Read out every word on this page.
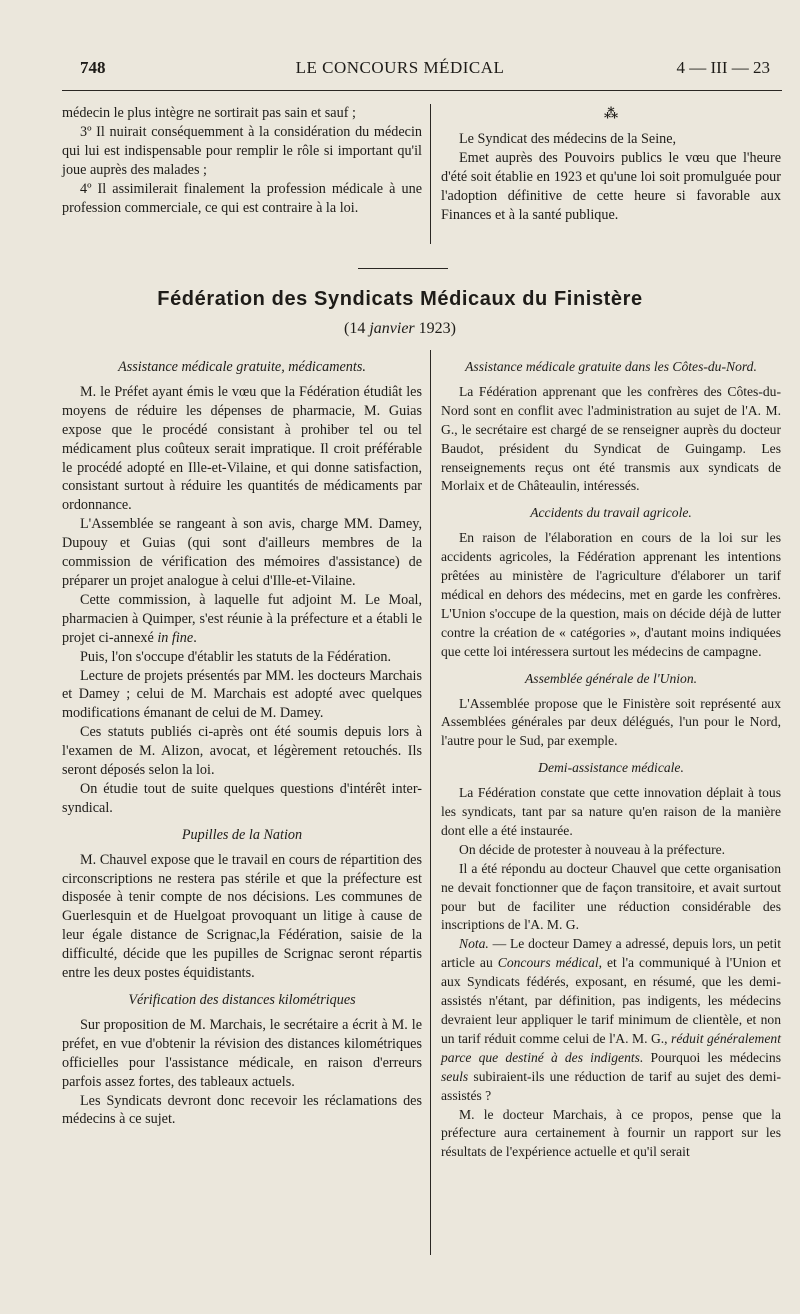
748	LE CONCOURS MÉDICAL	4 — III — 23

médecin le plus intègre ne sortirait pas sain et sauf ;

3º Il nuirait conséquemment à la considération du médecin qui lui est indispensable pour remplir le rôle si important qu'il joue auprès des malades ;

4º Il assimilerait finalement la profession médicale à une profession commerciale, ce qui est contraire à la loi.

⁂

Le Syndicat des médecins de la Seine,

Emet auprès des Pouvoirs publics le vœu que l'heure d'été soit établie en 1923 et qu'une loi soit promulguée pour l'adoption définitive de cette heure si favorable aux Finances et à la santé publique.

Fédération des Syndicats Médicaux du Finistère
(14 janvier 1923)

Assistance médicale gratuite, médicaments.

M. le Préfet ayant émis le vœu que la Fédération étudiât les moyens de réduire les dépenses de pharmacie, M. Guias expose que le procédé consistant à prohiber tel ou tel médicament plus coûteux serait impratique. Il croit préférable le procédé adopté en Ille-et-Vilaine, et qui donne satisfaction, consistant surtout à réduire les quantités de médicaments par ordonnance.

L'Assemblée se rangeant à son avis, charge MM. Damey, Dupouy et Guias (qui sont d'ailleurs membres de la commission de vérification des mémoires d'assistance) de préparer un projet analogue à celui d'Ille-et-Vilaine.

Cette commission, à laquelle fut adjoint M. Le Moal, pharmacien à Quimper, s'est réunie à la préfecture et a établi le projet ci-annexé in fine.

Puis, l'on s'occupe d'établir les statuts de la Fédération.

Lecture de projets présentés par MM. les docteurs Marchais et Damey ; celui de M. Marchais est adopté avec quelques modifications émanant de celui de M. Damey.

Ces statuts publiés ci-après ont été soumis depuis lors à l'examen de M. Alizon, avocat, et légèrement retouchés. Ils seront déposés selon la loi.

On étudie tout de suite quelques questions d'intérêt inter-syndical.

Pupilles de la Nation

M. Chauvel expose que le travail en cours de répartition des circonscriptions ne restera pas stérile et que la préfecture est disposée à tenir compte de nos décisions. Les communes de Guerlesquin et de Huelgoat provoquant un litige à cause de leur égale distance de Scrignac,la Fédération, saisie de la difficulté, décide que les pupilles de Scrignac seront répartis entre les deux postes équidistants.

Vérification des distances kilométriques

Sur proposition de M. Marchais, le secrétaire a écrit à M. le préfet, en vue d'obtenir la révision des distances kilométriques officielles pour l'assistance médicale, en raison d'erreurs parfois assez fortes, des tableaux actuels.

Les Syndicats devront donc recevoir les réclamations des médecins à ce sujet.

Assistance médicale gratuite dans les Côtes-du-Nord.

La Fédération apprenant que les confrères des Côtes-du-Nord sont en conflit avec l'administration au sujet de l'A. M. G., le secrétaire est chargé de se renseigner auprès du docteur Baudot, président du Syndicat de Guingamp. Les renseignements reçus ont été transmis aux syndicats de Morlaix et de Châteaulin, intéressés.

Accidents du travail agricole.

En raison de l'élaboration en cours de la loi sur les accidents agricoles, la Fédération apprenant les intentions prêtées au ministère de l'agriculture d'élaborer un tarif médical en dehors des médecins, met en garde les confrères. L'Union s'occupe de la question, mais on décide déjà de lutter contre la création de « catégories », d'autant moins indiquées que cette loi intéressera surtout les médecins de campagne.

Assemblée générale de l'Union.

L'Assemblée propose que le Finistère soit représenté aux Assemblées générales par deux délégués, l'un pour le Nord, l'autre pour le Sud, par exemple.

Demi-assistance médicale.

La Fédération constate que cette innovation déplait à tous les syndicats, tant par sa nature qu'en raison de la manière dont elle a été instaurée.

On décide de protester à nouveau à la préfecture.

Il a été répondu au docteur Chauvel que cette organisation ne devait fonctionner que de façon transitoire, et avait surtout pour but de faciliter une réduction considérable des inscriptions de l'A. M. G.

Nota. — Le docteur Damey a adressé, depuis lors, un petit article au Concours médical, et l'a communiqué à l'Union et aux Syndicats fédérés, exposant, en résumé, que les demi-assistés n'étant, par définition, pas indigents, les médecins devraient leur appliquer le tarif minimum de clientèle, et non un tarif réduit comme celui de l'A. M. G., réduit généralement parce que destiné à des indigents. Pourquoi les médecins seuls subiraient-ils une réduction de tarif au sujet des demi-assistés ?

M. le docteur Marchais, à ce propos, pense que la préfecture aura certainement à fournir un rapport sur les résultats de l'expérience actuelle et qu'il serait
